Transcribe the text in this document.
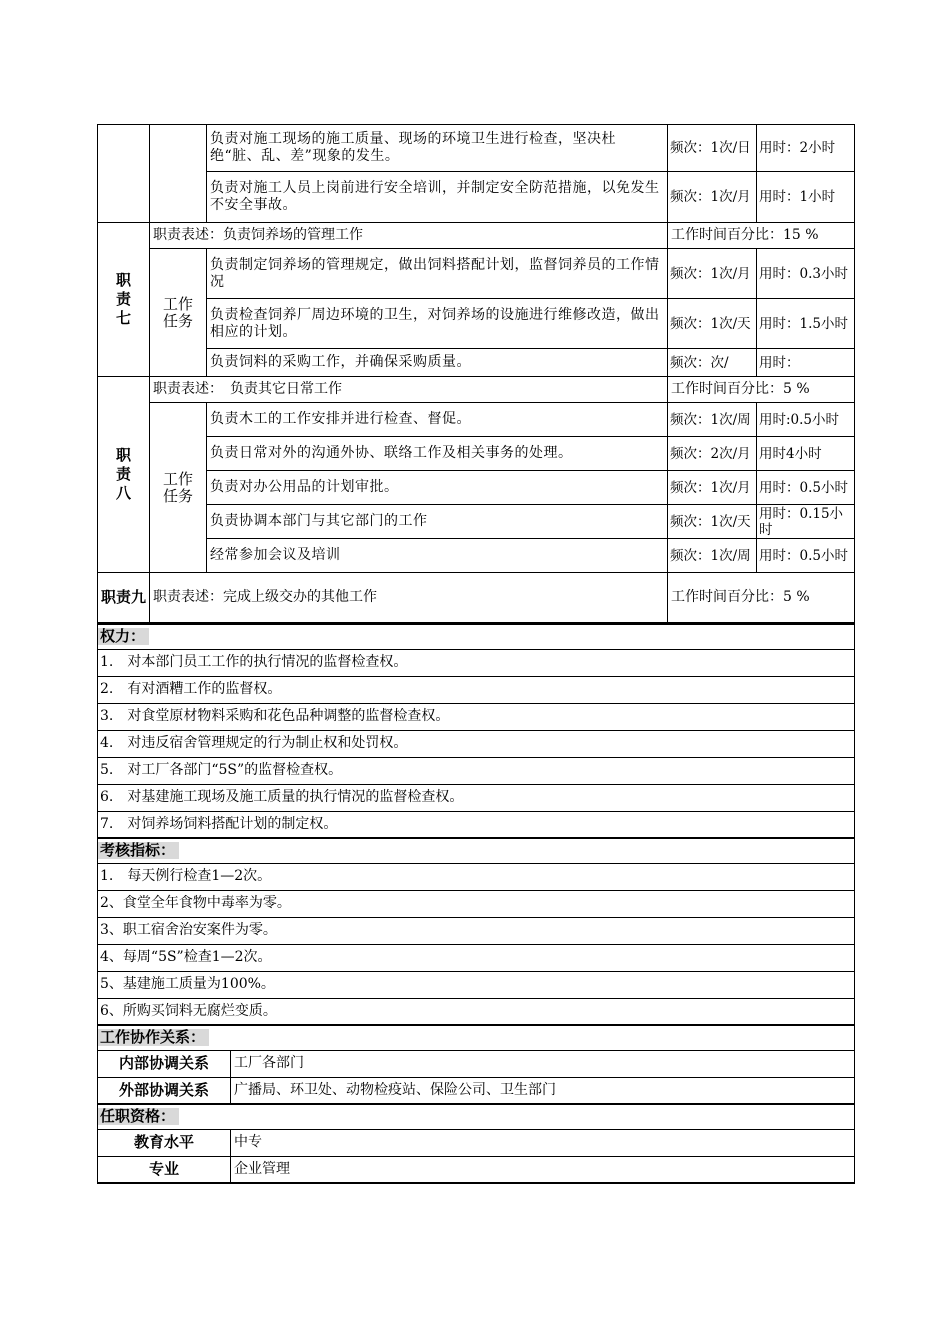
		负责对施工现场的施工质量、现场的环境卫生进行检查，坚决杜绝“脏、乱、差”现象的发生。	频次：1次/日	用时：2小时
		负责对施工人员上岗前进行安全培训，并制定安全防范措施，以免发生不安全事故。	频次：1次/月	用时：1小时
职责七	职责表述：负责饲养场的管理工作		工作时间百分比：15 %	
	工作任务	负责制定饲养场的管理规定，做出饲料搭配计划，监督饲养员的工作情况	频次：1次/月	用时：0.3小时
		负责检查饲养厂周边环境的卫生，对饲养场的设施进行维修改造，做出相应的计划。	频次：1次/天	用时：1.5小时
		负责饲料的采购工作，并确保采购质量。	频次：次/	用时：
职责八	职责表述：　负责其它日常工作		工作时间百分比：5 %	
	工作任务	负责木工的工作安排并进行检查、督促。	频次：1次/周	用时:0.5小时
		负责日常对外的沟通外协、联络工作及相关事务的处理。	频次：2次/月	用时4小时
		负责对办公用品的计划审批。	频次：1次/月	用时：0.5小时
		负责协调本部门与其它部门的工作	频次：1次/天	用时：0.15小时
		经常参加会议及培训	频次：1次/周	用时：0.5小时
职责九	职责表述：完成上级交办的其他工作		工作时间百分比：5 %	
权力：	
1.　对本部门员工工作的执行情况的监督检查权。	
2.　有对酒糟工作的监督权。	
3.　对食堂原材物料采购和花色品种调整的监督检查权。	
4.　对违反宿舍管理规定的行为制止权和处罚权。	
5.　对工厂各部门“5S”的监督检查权。	
6.　对基建施工现场及施工质量的执行情况的监督检查权。	
7.　对饲养场饲料搭配计划的制定权。	
考核指标：	
1.　每天例行检查1—2次。	
2、食堂全年食物中毒率为零。	
3、职工宿舍治安案件为零。	
4、每周“5S”检查1—2次。	
5、基建施工质量为100%。	
6、所购买饲料无腐烂变质。	
工作协作关系：	
内部协调关系	工厂各部门
外部协调关系	广播局、环卫处、动物检疫站、保险公司、卫生部门
任职资格：	
教育水平	中专
专业	企业管理
